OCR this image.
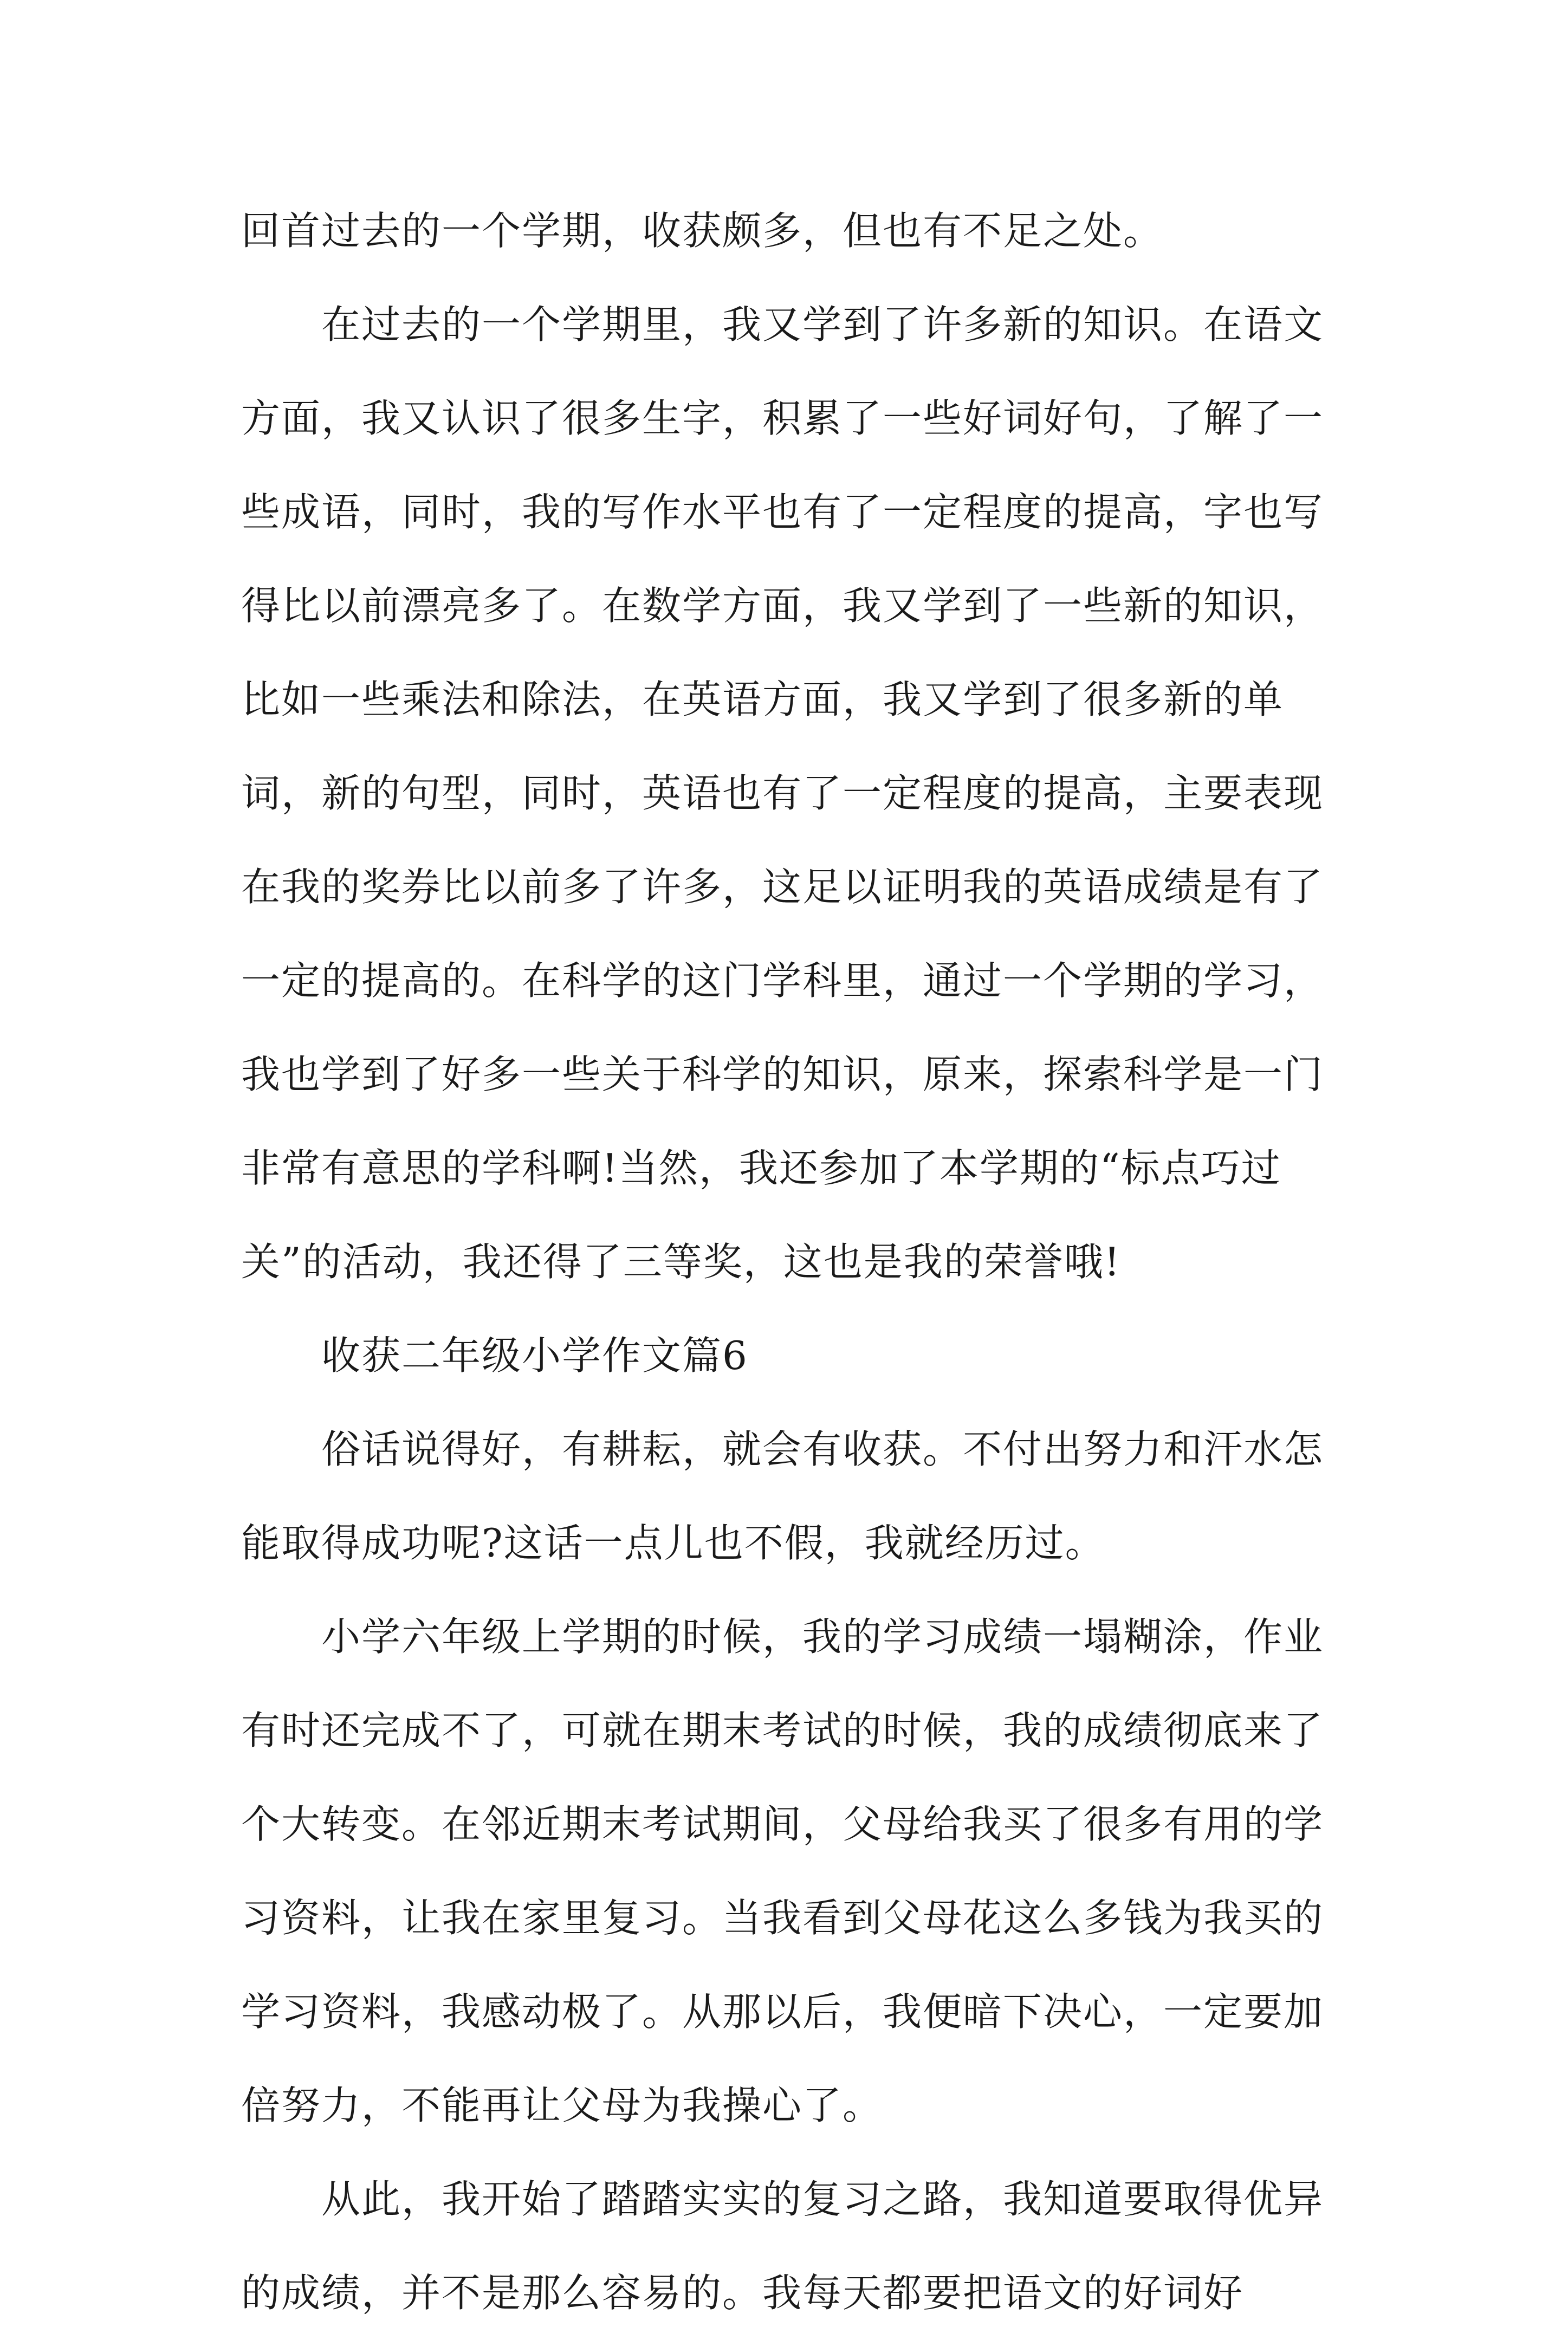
回首过去的一个学期，收获颇多，但也有不足之处。

在过去的一个学期里，我又学到了许多新的知识。在语文方面，我又认识了很多生字，积累了一些好词好句，了解了一些成语，同时，我的写作水平也有了一定程度的提高，字也写得比以前漂亮多了。在数学方面，我又学到了一些新的知识，比如一些乘法和除法，在英语方面，我又学到了很多新的单词，新的句型，同时，英语也有了一定程度的提高，主要表现在我的奖券比以前多了许多，这足以证明我的英语成绩是有了一定的提高的。在科学的这门学科里，通过一个学期的学习，我也学到了好多一些关于科学的知识，原来，探索科学是一门非常有意思的学科啊!当然，我还参加了本学期的“标点巧过关”的活动，我还得了三等奖，这也是我的荣誉哦!

收获二年级小学作文篇6

俗话说得好，有耕耘，就会有收获。不付出努力和汗水怎能取得成功呢?这话一点儿也不假，我就经历过。

小学六年级上学期的时候，我的学习成绩一塌糊涂，作业有时还完成不了，可就在期末考试的时候，我的成绩彻底来了个大转变。在邻近期末考试期间，父母给我买了很多有用的学习资料，让我在家里复习。当我看到父母花这么多钱为我买的学习资料，我感动极了。从那以后，我便暗下决心，一定要加倍努力，不能再让父母为我操心了。

从此，我开始了踏踏实实的复习之路，我知道要取得优异的成绩，并不是那么容易的。我每天都要把语文的好词好
